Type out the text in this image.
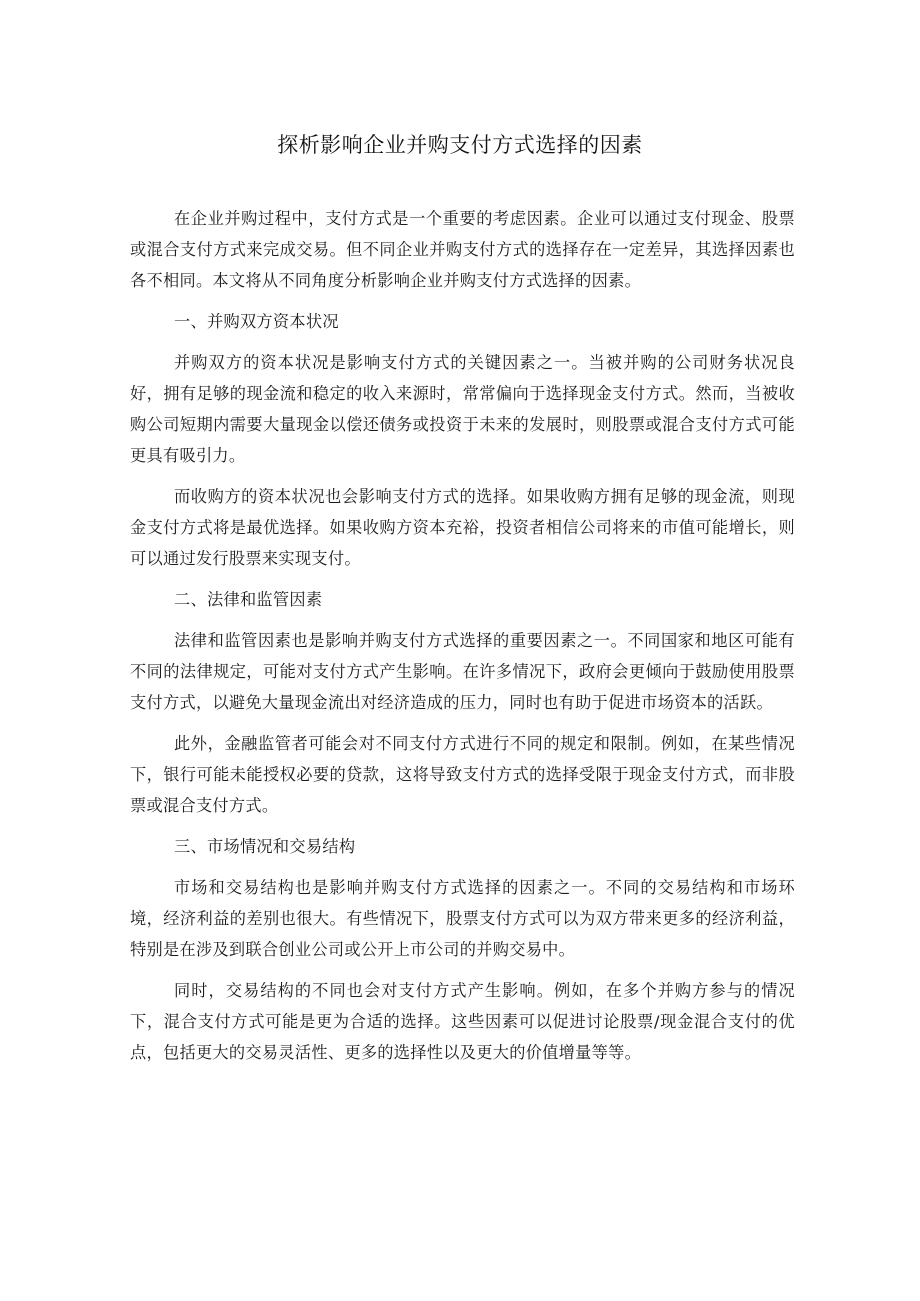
探析影响企业并购支付方式选择的因素

在企业并购过程中，支付方式是一个重要的考虑因素。企业可以通过支付现金、股票或混合支付方式来完成交易。但不同企业并购支付方式的选择存在一定差异，其选择因素也各不相同。本文将从不同角度分析影响企业并购支付方式选择的因素。

一、并购双方资本状况

并购双方的资本状况是影响支付方式的关键因素之一。当被并购的公司财务状况良好，拥有足够的现金流和稳定的收入来源时，常常偏向于选择现金支付方式。然而，当被收购公司短期内需要大量现金以偿还债务或投资于未来的发展时，则股票或混合支付方式可能更具有吸引力。

而收购方的资本状况也会影响支付方式的选择。如果收购方拥有足够的现金流，则现金支付方式将是最优选择。如果收购方资本充裕，投资者相信公司将来的市值可能增长，则可以通过发行股票来实现支付。

二、法律和监管因素

法律和监管因素也是影响并购支付方式选择的重要因素之一。不同国家和地区可能有不同的法律规定，可能对支付方式产生影响。在许多情况下，政府会更倾向于鼓励使用股票支付方式，以避免大量现金流出对经济造成的压力，同时也有助于促进市场资本的活跃。

此外，金融监管者可能会对不同支付方式进行不同的规定和限制。例如，在某些情况下，银行可能未能授权必要的贷款，这将导致支付方式的选择受限于现金支付方式，而非股票或混合支付方式。

三、市场情况和交易结构

市场和交易结构也是影响并购支付方式选择的因素之一。不同的交易结构和市场环境，经济利益的差别也很大。有些情况下，股票支付方式可以为双方带来更多的经济利益，特别是在涉及到联合创业公司或公开上市公司的并购交易中。

同时，交易结构的不同也会对支付方式产生影响。例如，在多个并购方参与的情况下，混合支付方式可能是更为合适的选择。这些因素可以促进讨论股票/现金混合支付的优点，包括更大的交易灵活性、更多的选择性以及更大的价值增量等等。
